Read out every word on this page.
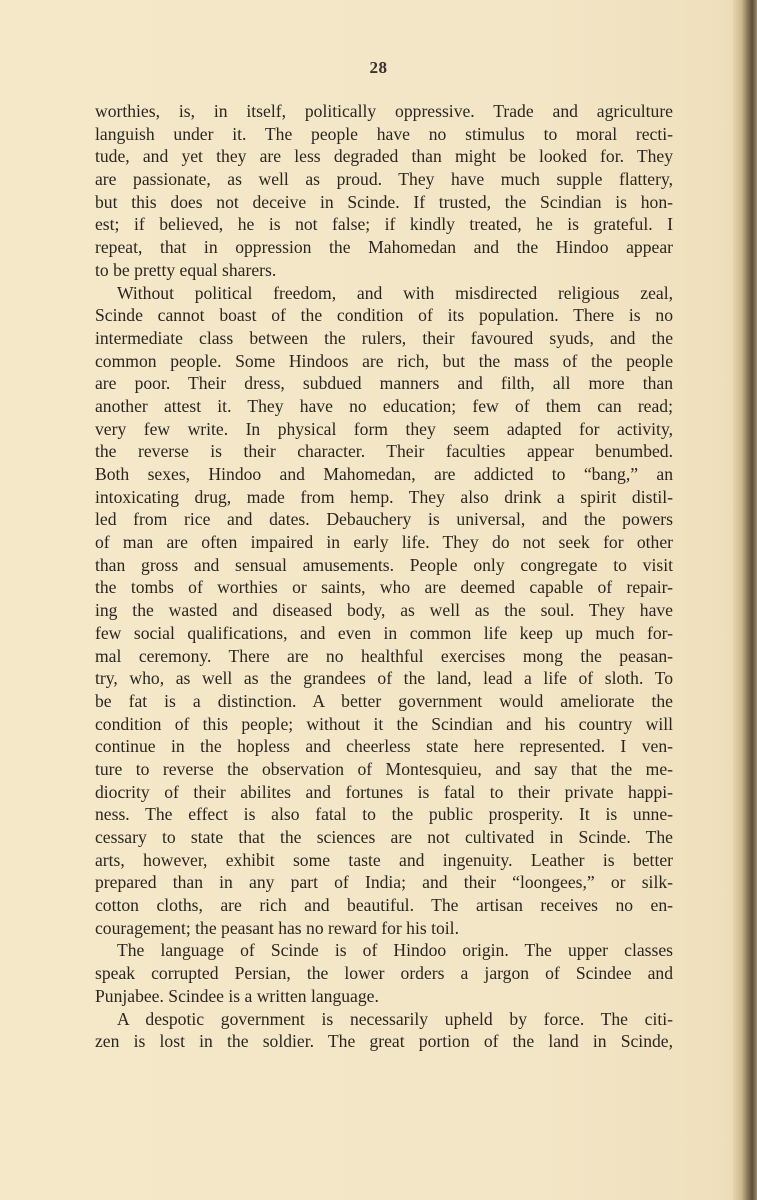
28
worthies, is, in itself, politically oppressive. Trade and agriculture
languish under it. The people have no stimulus to moral recti-
tude, and yet they are less degraded than might be looked for. They
are passionate, as well as proud. They have much supple flattery,
but this does not deceive in Scinde. If trusted, the Scindian is hon-
est; if believed, he is not false; if kindly treated, he is grateful. I
repeat, that in oppression the Mahomedan and the Hindoo appear
to be pretty equal sharers.
Without political freedom, and with misdirected religious zeal,
Scinde cannot boast of the condition of its population. There is no
intermediate class between the rulers, their favoured syuds, and the
common people. Some Hindoos are rich, but the mass of the people
are poor. Their dress, subdued manners and filth, all more than
another attest it. They have no education; few of them can read;
very few write. In physical form they seem adapted for activity,
the reverse is their character. Their faculties appear benumbed.
Both sexes, Hindoo and Mahomedan, are addicted to “bang,” an
intoxicating drug, made from hemp. They also drink a spirit distil-
led from rice and dates. Debauchery is universal, and the powers
of man are often impaired in early life. They do not seek for other
than gross and sensual amusements. People only congregate to visit
the tombs of worthies or saints, who are deemed capable of repair-
ing the wasted and diseased body, as well as the soul. They have
few social qualifications, and even in common life keep up much for-
mal ceremony. There are no healthful exercises mong the peasan-
try, who, as well as the grandees of the land, lead a life of sloth. To
be fat is a distinction. A better government would ameliorate the
condition of this people; without it the Scindian and his country will
continue in the hopless and cheerless state here represented. I ven-
ture to reverse the observation of Montesquieu, and say that the me-
diocrity of their abilites and fortunes is fatal to their private happi-
ness. The effect is also fatal to the public prosperity. It is unne-
cessary to state that the sciences are not cultivated in Scinde. The
arts, however, exhibit some taste and ingenuity. Leather is better
prepared than in any part of India; and their “loongees,” or silk-
cotton cloths, are rich and beautiful. The artisan receives no en-
couragement; the peasant has no reward for his toil.
The language of Scinde is of Hindoo origin. The upper classes
speak corrupted Persian, the lower orders a jargon of Scindee and
Punjabee. Scindee is a written language.
A despotic government is necessarily upheld by force. The citi-
zen is lost in the soldier. The great portion of the land in Scinde,
